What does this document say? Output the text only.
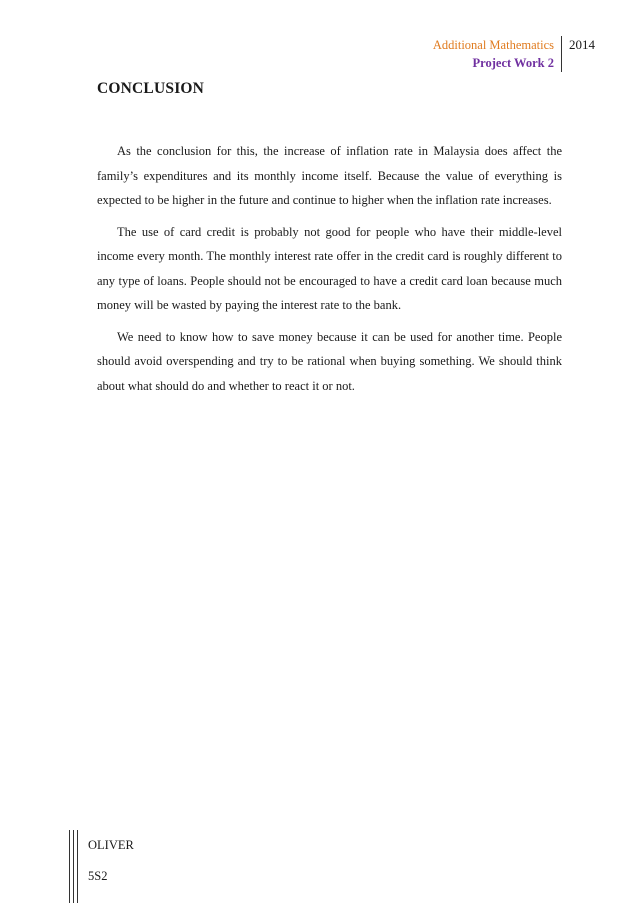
Additional Mathematics
Project Work 2
2014
CONCLUSION

As the conclusion for this, the increase of inflation rate in Malaysia does affect the family’s expenditures and its monthly income itself. Because the value of everything is expected to be higher in the future and continue to higher when the inflation rate increases.

The use of card credit is probably not good for people who have their middle-level income every month. The monthly interest rate offer in the credit card is roughly different to any type of loans. People should not be encouraged to have a credit card loan because much money will be wasted by paying the interest rate to the bank.

We need to know how to save money because it can be used for another time. People should avoid overspending and try to be rational when buying something. We should think about what should do and whether to react it or not.

OLIVER
5S2
